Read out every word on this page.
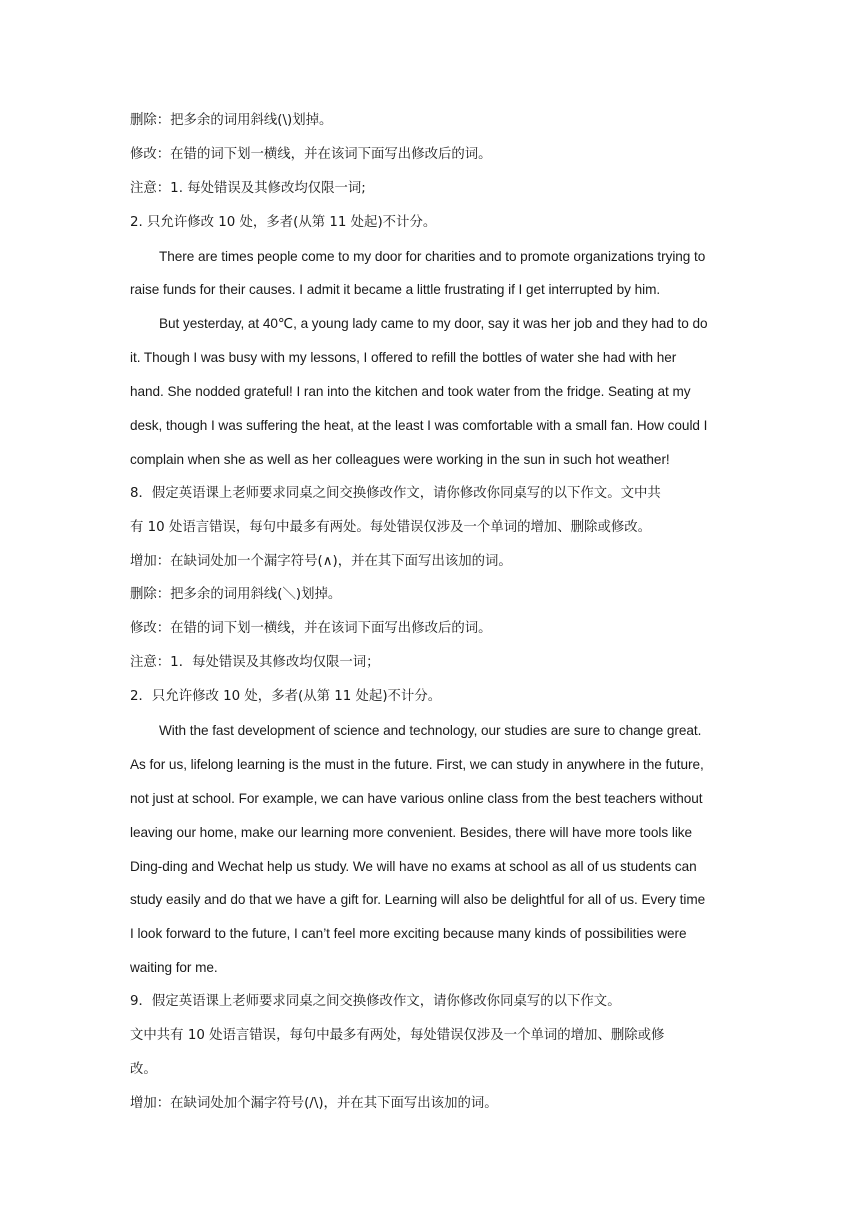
删除：把多余的词用斜线(\)划掉。
修改：在错的词下划一横线，并在该词下面写出修改后的词。
注意：1. 每处错误及其修改均仅限一词;
2. 只允许修改 10 处，多者(从第 11 处起)不计分。
There are times people come to my door for charities and to promote organizations trying to
raise funds for their causes. I admit it became a little frustrating if I get interrupted by him.
But yesterday, at 40℃, a young lady came to my door, say it was her job and they had to do
it. Though I was busy with my lessons, I offered to refill the bottles of water she had with her
hand. She nodded grateful! I ran into the kitchen and took water from the fridge. Seating at my
desk, though I was suffering the heat, at the least I was comfortable with a small fan. How could I
complain when she as well as her colleagues were working in the sun in such hot weather!
8．假定英语课上老师要求同桌之间交换修改作文，请你修改你同桌写的以下作文。文中共
有 10 处语言错误，每句中最多有两处。每处错误仅涉及一个单词的增加、删除或修改。
增加：在缺词处加一个漏字符号(∧)，并在其下面写出该加的词。
删除：把多余的词用斜线(＼)划掉。
修改：在错的词下划一横线，并在该词下面写出修改后的词。
注意：1．每处错误及其修改均仅限一词；
2．只允许修改 10 处，多者(从第 11 处起)不计分。
With the fast development of science and technology, our studies are sure to change great.
As for us, lifelong learning is the must in the future. First, we can study in anywhere in the future,
not just at school. For example, we can have various online class from the best teachers without
leaving our home, make our learning more convenient. Besides, there will have more tools like
Ding-ding and Wechat help us study. We will have no exams at school as all of us students can
study easily and do that we have a gift for. Learning will also be delightful for all of us. Every time
I look forward to the future, I can’t feel more exciting because many kinds of possibilities were
waiting for me.
9．假定英语课上老师要求同桌之间交换修改作文，请你修改你同桌写的以下作文。
文中共有 10 处语言错误，每句中最多有两处，每处错误仅涉及一个单词的增加、删除或修
改。
增加：在缺词处加个漏字符号(/\)，并在其下面写出该加的词。
